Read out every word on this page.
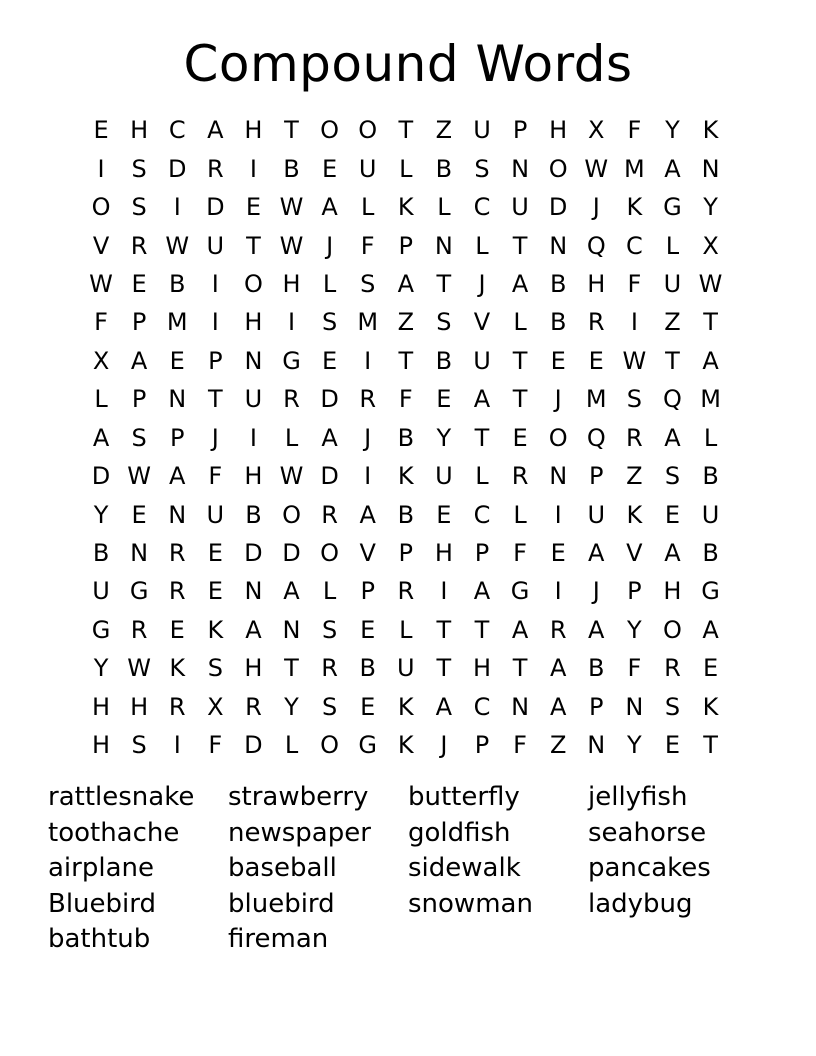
Compound Words
E H C A H T O O T Z U P H X F Y K
I	S D R	I	B E U L B S N O W M A N
O S	I	D E W A L K L C U D	J	K G Y
V R W U T W J	F P N L	T N Q C L X
W E B	I	O H L S A T	J	A B H F U W
F P M	I	H	I	S M Z S V L B R	I	Z T
X A E P N G E	I	T B U T E E W T A
L	P N T U R D R F E A T	J	M S Q M
A S P	J	I	L A	J	B Y T E O Q R A L
D W A F H W D	I	K U L R N P Z S B
Y E N U B O R A B E C L	I	U K E U
B N R E D D O V P H P F E A V A B
U G R E N A L	P R	I	A G	I	J	P H G
G R E K A N S E L	T T A R A Y O A
Y W K S H T R B U T H T A B F R E
H H R X R Y S E K A C N A P N S K
H S	I	F D L O G K	J	P F Z N Y E T
rattlesnake	strawberry	butterfly	jellyfish
toothache	newspaper	goldfish	seahorse
airplane	baseball	sidewalk	pancakes
Bluebird	bluebird	snowman	ladybug
bathtub	fireman
